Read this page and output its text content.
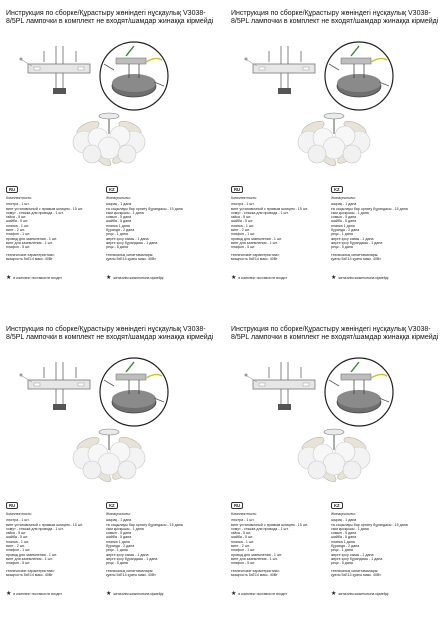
Инструкция по сборке/Құрастыру жөніндегі нұсқаулық V3038-8/5PL лампочки в комплект не входят/шамдар жинаққа кірмейді
RU
Комплектность:
люстра - 1 шт.
винт установочный с прямым шлицем - 15 шт.
хомут - стяжка для провода - 1 шт.
гайка - 5 шт.
шайба - 5 шт.
планка - 1 шт.
винт - 2 шт.
плафон - 1 шт.
провод для заземления - 1 шт.
винт для заземления - 1 шт.
плафон - 5 шт.
технические характеристики:
мощность 5xE14 макс. 40Вт
★ в комплект поставки не входит
KZ
Жинақтылығы:
шырақ - 1 дана
тік саңылауы бар орнату бұрандасы - 15 дана
сым қысқышы - 1 дана
сомын - 5 дана
шайба - 5 дана
планка 1 дана
бұранда - 2 дана
реңк - 1 дана
жерге қосу сымы - 1 дана
жерге қосу бұрандасы - 1 дана
реңк - 5 дана
техникалық сипаттамалары:
қуаты 5xE14 қуаты макс. 40Вт
★ жеткізілім жиынтығына кірмейді
Инструкция по сборке/Құрастыру жөніндегі нұсқаулық V3038-8/5PL лампочки в комплект не входят/шамдар жинаққа кірмейді
RU
Комплектность:
люстра - 1 шт.
винт установочный с прямым шлицем - 15 шт.
хомут - стяжка для провода - 1 шт.
гайка - 5 шт.
шайба - 5 шт.
планка - 1 шт.
винт - 2 шт.
плафон - 1 шт.
провод для заземления - 1 шт.
винт для заземления - 1 шт.
плафон - 5 шт.
технические характеристики:
мощность 5xE14 макс. 40Вт
★ в комплект поставки не входит
KZ
Жинақтылығы:
шырақ - 1 дана
тік саңылауы бар орнату бұрандасы - 15 дана
сым қысқышы - 1 дана
сомын - 5 дана
шайба - 5 дана
планка 1 дана
бұранда - 2 дана
реңк - 1 дана
жерге қосу сымы - 1 дана
жерге қосу бұрандасы - 1 дана
реңк - 5 дана
техникалық сипаттамалары:
қуаты 5xE14 қуаты макс. 40Вт
★ жеткізілім жиынтығына кірмейді
Инструкция по сборке/Құрастыру жөніндегі нұсқаулық V3038-8/5PL лампочки в комплект не входят/шамдар жинаққа кірмейді
RU
Комплектность:
люстра - 1 шт.
винт установочный с прямым шлицем - 15 шт.
хомут - стяжка для провода - 1 шт.
гайка - 5 шт.
шайба - 5 шт.
планка - 1 шт.
винт - 2 шт.
плафон - 1 шт.
провод для заземления - 1 шт.
винт для заземления - 1 шт.
плафон - 5 шт.
технические характеристики:
мощность 5xE14 макс. 40Вт
★ в комплект поставки не входит
KZ
Жинақтылығы:
шырақ - 1 дана
тік саңылауы бар орнату бұрандасы - 15 дана
сым қысқышы - 1 дана
сомын - 5 дана
шайба - 5 дана
планка 1 дана
бұранда - 2 дана
реңк - 1 дана
жерге қосу сымы - 1 дана
жерге қосу бұрандасы - 1 дана
реңк - 5 дана
техникалық сипаттамалары:
қуаты 5xE14 қуаты макс. 40Вт
★ жеткізілім жиынтығына кірмейді
Инструкция по сборке/Құрастыру жөніндегі нұсқаулық V3038-8/5PL лампочки в комплект не входят/шамдар жинаққа кірмейді
RU
Комплектность:
люстра - 1 шт.
винт установочный с прямым шлицем - 15 шт.
хомут - стяжка для провода - 1 шт.
гайка - 5 шт.
шайба - 5 шт.
планка - 1 шт.
винт - 2 шт.
плафон - 1 шт.
провод для заземления - 1 шт.
винт для заземления - 1 шт.
плафон - 5 шт.
технические характеристики:
мощность 5xE14 макс. 40Вт
★ в комплект поставки не входит
KZ
Жинақтылығы:
шырақ - 1 дана
тік саңылауы бар орнату бұрандасы - 15 дана
сым қысқышы - 1 дана
сомын - 5 дана
шайба - 5 дана
планка 1 дана
бұранда - 2 дана
реңк - 1 дана
жерге қосу сымы - 1 дана
жерге қосу бұрандасы - 1 дана
реңк - 5 дана
техникалық сипаттамалары:
қуаты 5xE14 қуаты макс. 40Вт
★ жеткізілім жиынтығына кірмейді
